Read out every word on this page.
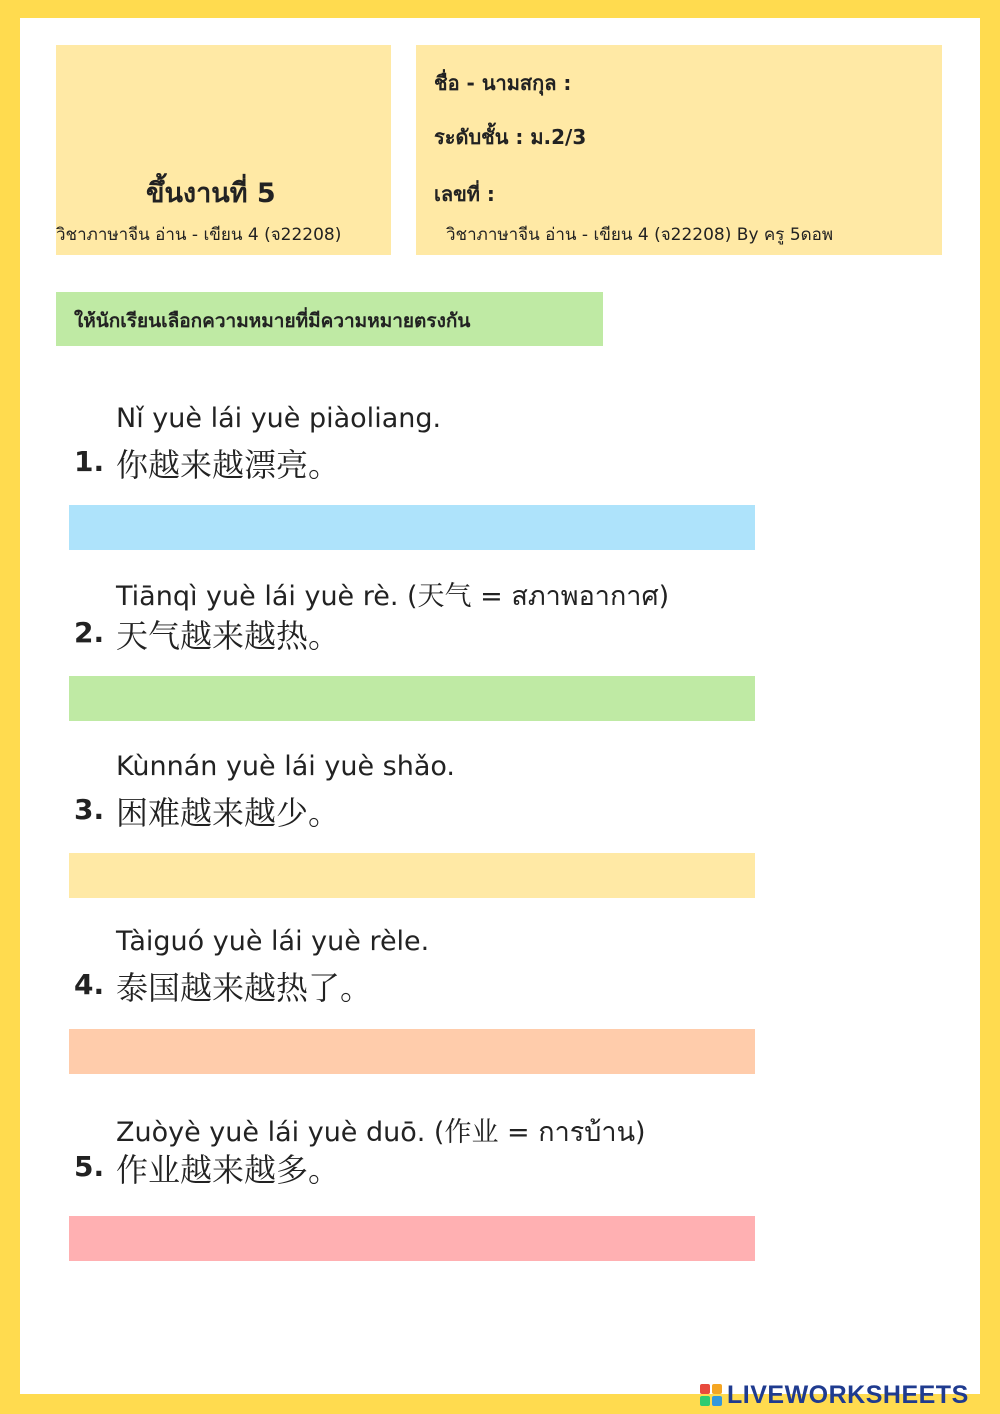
ขึ้นงานที่ 5
วิชาภาษาจีน อ่าน - เขียน 4 (จ22208)
ชื่อ - นามสกุล :
ระดับชั้น : ม.2/3
เลขที่ :
วิชาภาษาจีน อ่าน - เขียน 4 (จ22208) By ครู 5ดอพ
ให้นักเรียนเลือกความหมายที่มีความหมายตรงกัน
Nǐ yuè lái yuè piàoliang.
1. 你越来越漂亮。
Tiānqì yuè lái yuè rè. (天气 = สภาพอากาศ)
2. 天气越来越热。
Kùnnán yuè lái yuè shǎo.
3. 困难越来越少。
Tàiguó yuè lái yuè rèle.
4. 泰国越来越热了。
Zuòyè yuè lái yuè duō. (作业 = การบ้าน)
5. 作业越来越多。
LIVEWORKSHEETS
